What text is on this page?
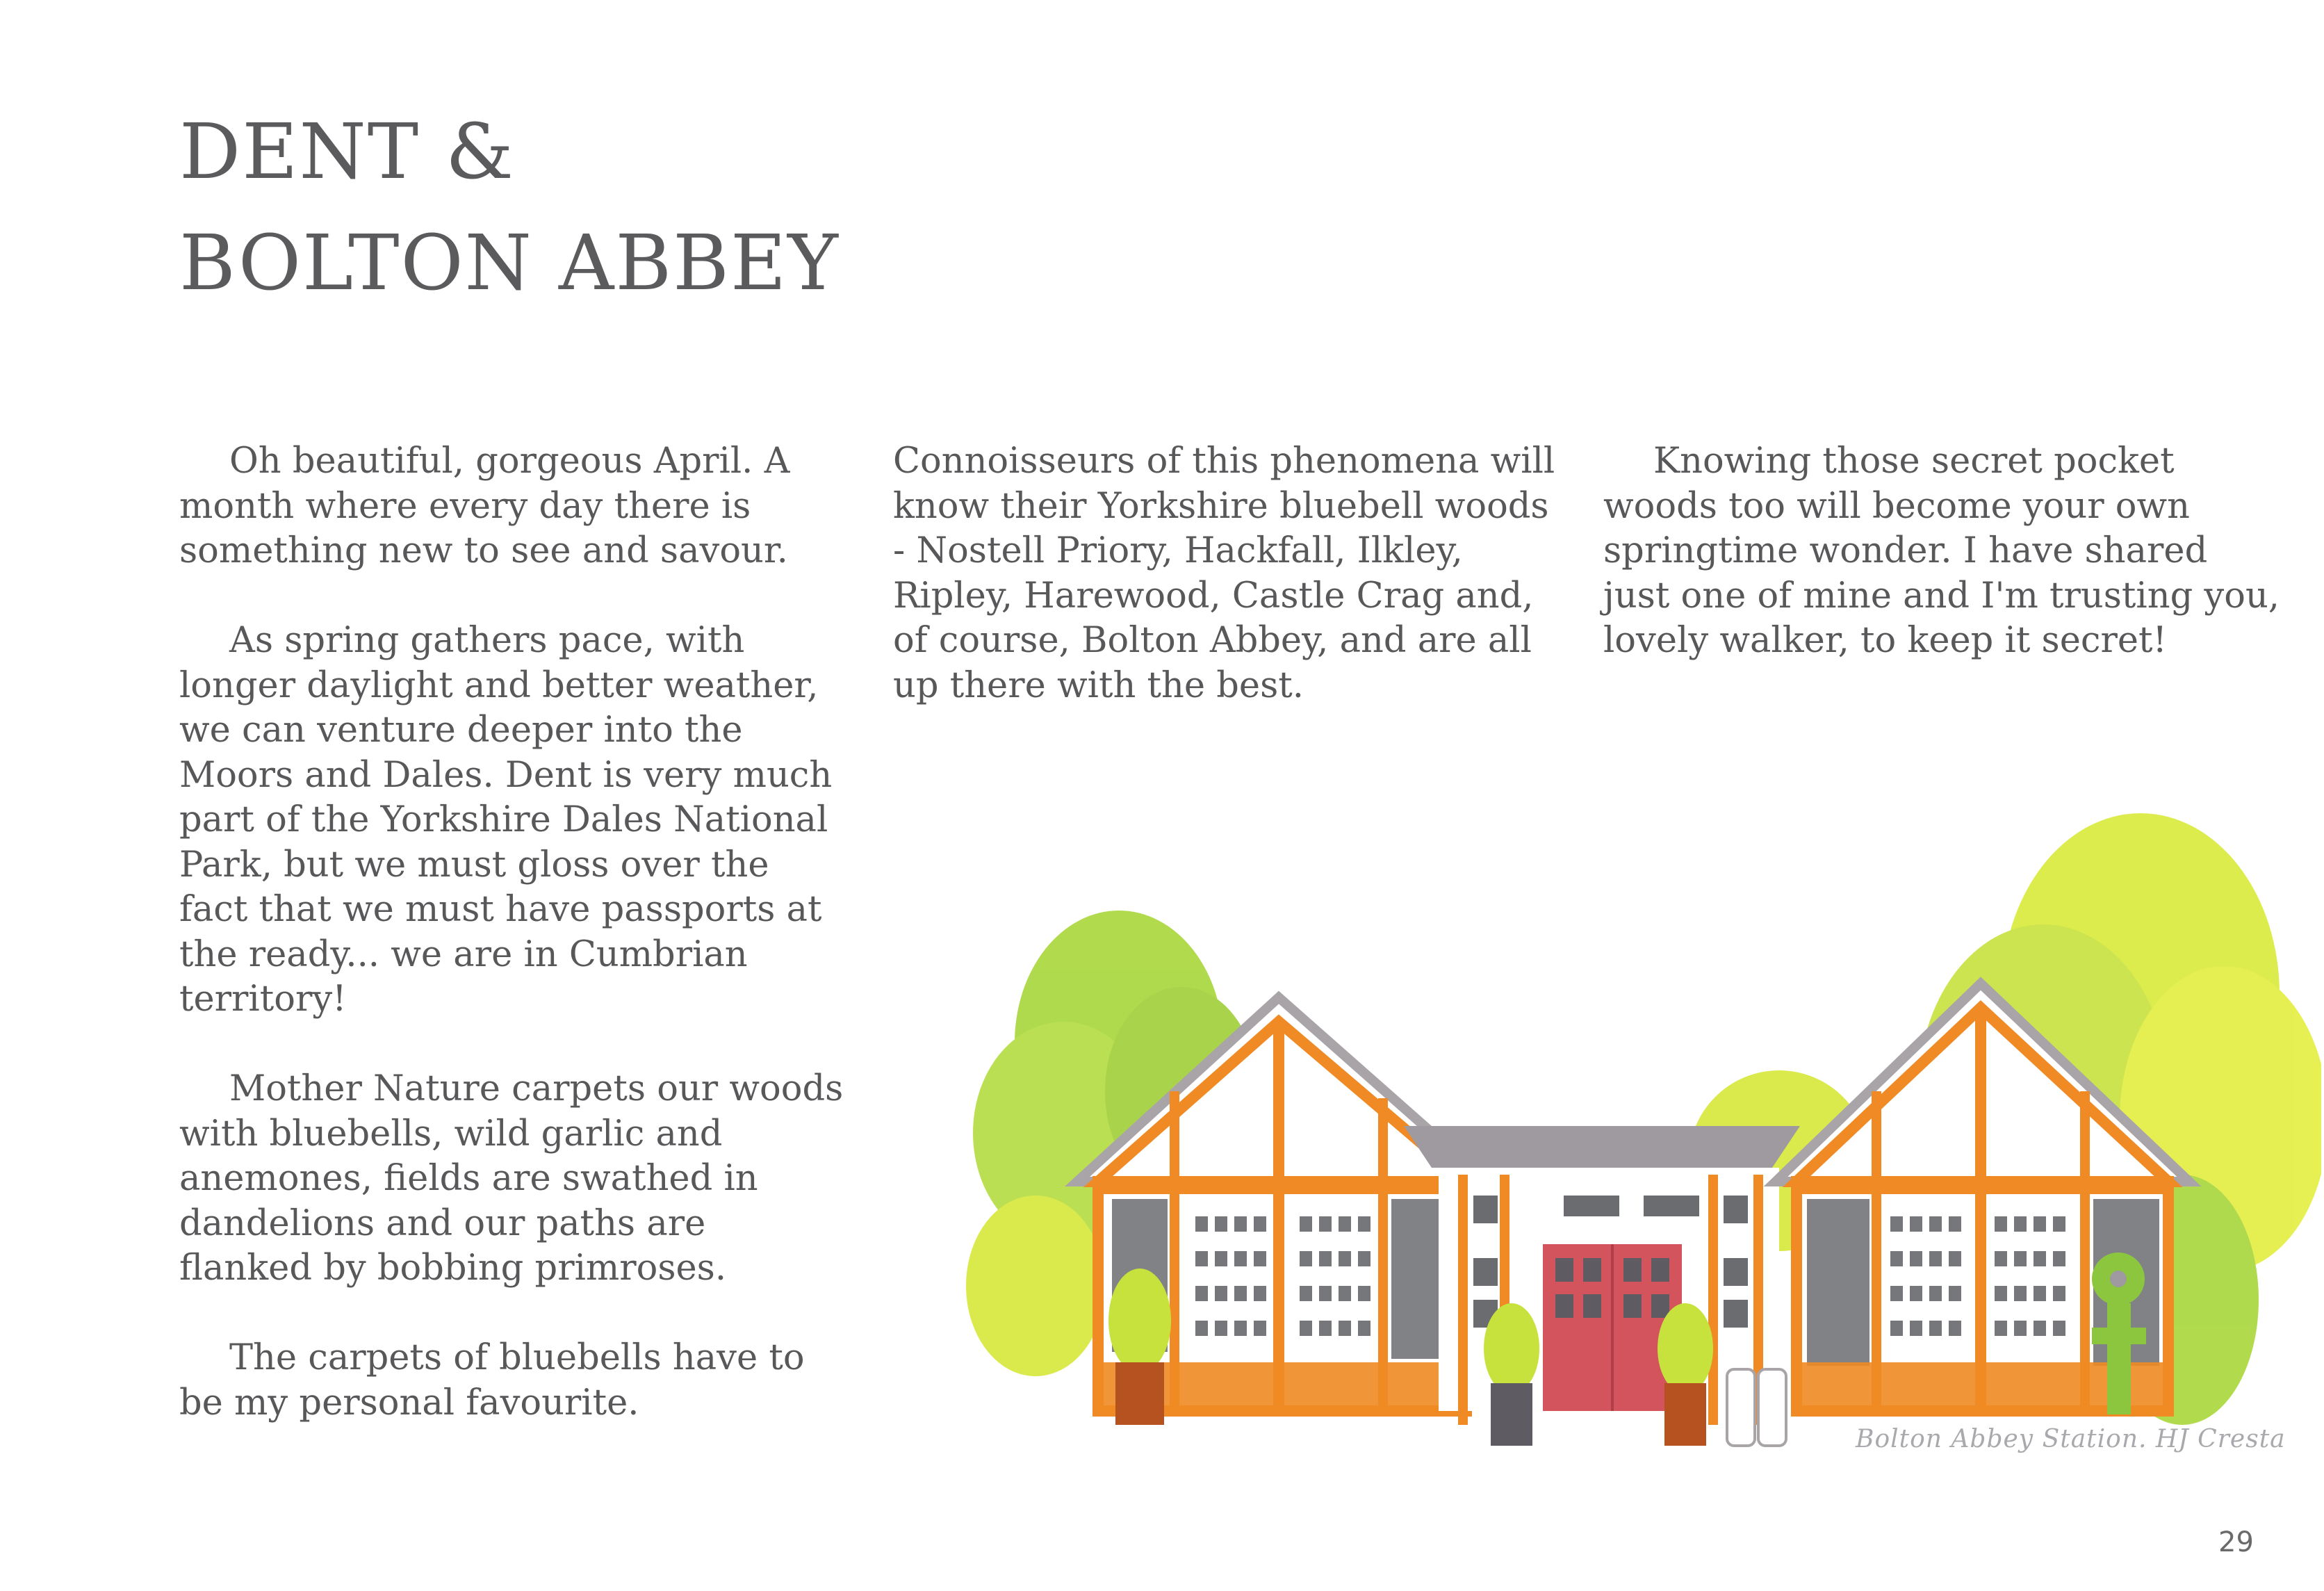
DENT &
BOLTON ABBEY

Oh beautiful, gorgeous April. A month where every day there is something new to see and savour.

As spring gathers pace, with longer daylight and better weather, we can venture deeper into the Moors and Dales. Dent is very much part of the Yorkshire Dales National Park, but we must gloss over the fact that we must have passports at the ready... we are in Cumbrian territory!

Mother Nature carpets our woods with bluebells, wild garlic and anemones, fields are swathed in dandelions and our paths are flanked by bobbing primroses.

The carpets of bluebells have to be my personal favourite.

Connoisseurs of this phenomena will know their Yorkshire bluebell woods - Nostell Priory, Hackfall, Ilkley, Ripley, Harewood, Castle Crag and, of course, Bolton Abbey, and are all up there with the best.

Knowing those secret pocket woods too will become your own springtime wonder. I have shared just one of mine and I'm trusting you, lovely walker, to keep it secret!

Bolton Abbey Station. HJ Cresta
29
